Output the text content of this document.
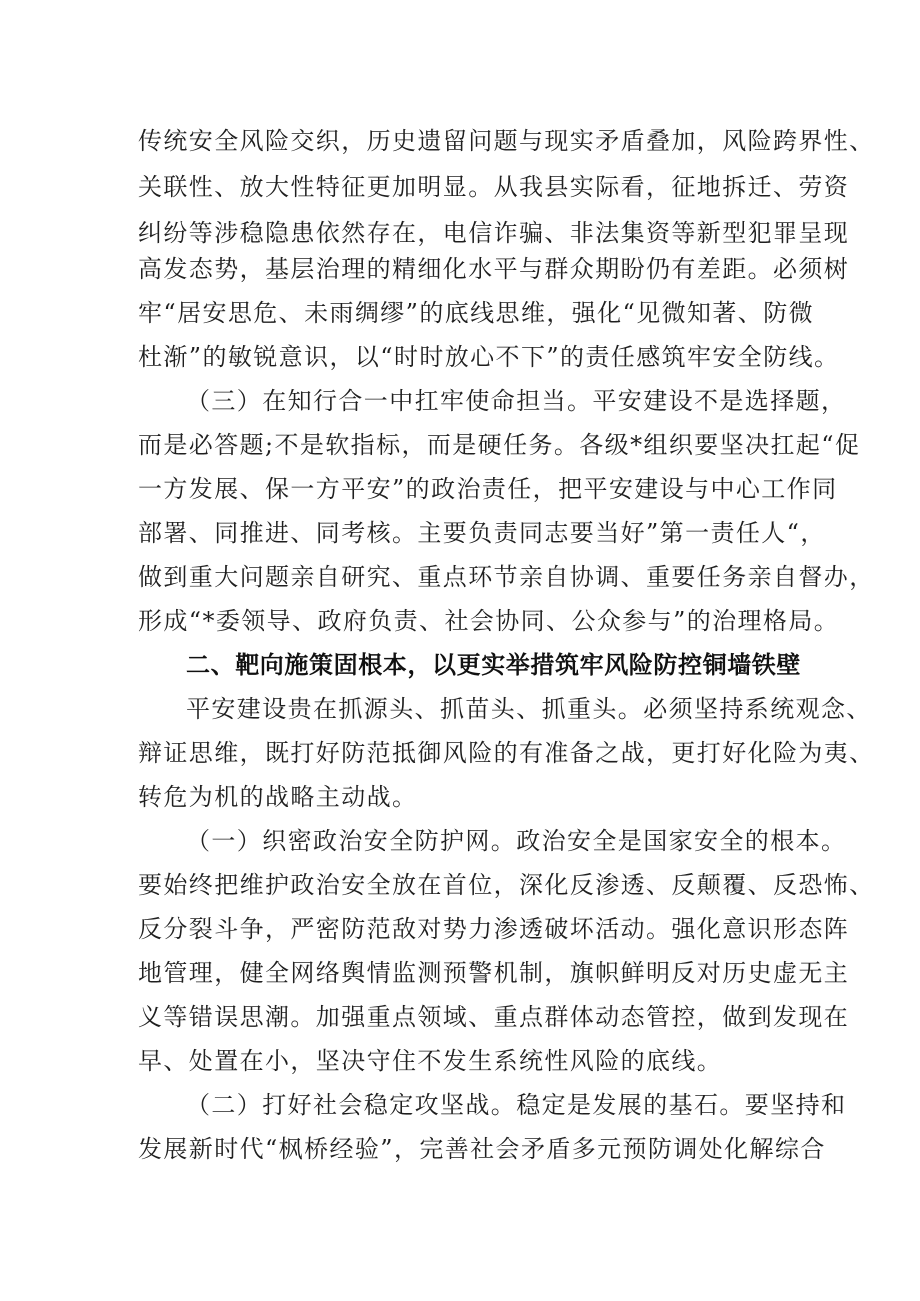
传统安全风险交织，历史遗留问题与现实矛盾叠加，风险跨界性、
关联性、放大性特征更加明显。从我县实际看，征地拆迁、劳资
纠纷等涉稳隐患依然存在，电信诈骗、非法集资等新型犯罪呈现
高发态势，基层治理的精细化水平与群众期盼仍有差距。必须树
牢“居安思危、未雨绸缪”的底线思维，强化“见微知著、防微
杜渐”的敏锐意识，以“时时放心不下”的责任感筑牢安全防线。
（三）在知行合一中扛牢使命担当。平安建设不是选择题，
而是必答题;不是软指标，而是硬任务。各级*组织要坚决扛起“促
一方发展、保一方平安”的政治责任，把平安建设与中心工作同
部署、同推进、同考核。主要负责同志要当好”第一责任人“，
做到重大问题亲自研究、重点环节亲自协调、重要任务亲自督办，
形成“*委领导、政府负责、社会协同、公众参与”的治理格局。
二、靶向施策固根本，以更实举措筑牢风险防控铜墙铁壁
平安建设贵在抓源头、抓苗头、抓重头。必须坚持系统观念、
辩证思维，既打好防范抵御风险的有准备之战，更打好化险为夷、
转危为机的战略主动战。
（一）织密政治安全防护网。政治安全是国家安全的根本。
要始终把维护政治安全放在首位，深化反渗透、反颠覆、反恐怖、
反分裂斗争，严密防范敌对势力渗透破坏活动。强化意识形态阵
地管理，健全网络舆情监测预警机制，旗帜鲜明反对历史虚无主
义等错误思潮。加强重点领域、重点群体动态管控，做到发现在
早、处置在小，坚决守住不发生系统性风险的底线。
（二）打好社会稳定攻坚战。稳定是发展的基石。要坚持和
发展新时代“枫桥经验”，完善社会矛盾多元预防调处化解综合
